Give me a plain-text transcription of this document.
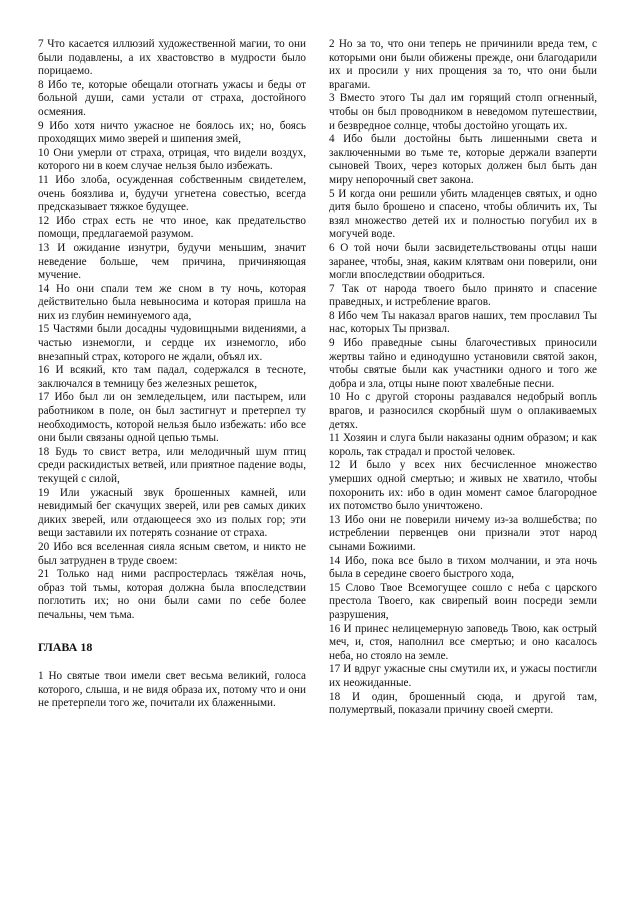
7 Что касается иллюзий художественной магии, то они были подавлены, а их хвастовство в мудрости было порицаемо.

8 Ибо те, которые обещали отогнать ужасы и беды от больной души, сами устали от страха, достойного осмеяния.

9 Ибо хотя ничто ужасное не боялось их; но, боясь проходящих мимо зверей и шипения змей,

10 Они умерли от страха, отрицая, что видели воздух, которого ни в коем случае нельзя было избежать.

11 Ибо злоба, осужденная собственным свидетелем, очень боязлива и, будучи угнетена совестью, всегда предсказывает тяжкое будущее.

12 Ибо страх есть не что иное, как предательство помощи, предлагаемой разумом.

13 И ожидание изнутри, будучи меньшим, значит неведение больше, чем причина, причиняющая мучение.

14 Но они спали тем же сном в ту ночь, которая действительно была невыносима и которая пришла на них из глубин неминуемого ада,

15 Частями были досадны чудовищными видениями, а частью изнемогли, и сердце их изнемогло, ибо внезапный страх, которого не ждали, объял их.

16 И всякий, кто там падал, содержался в тесноте, заключался в темницу без железных решеток,

17 Ибо был ли он земледельцем, или пастырем, или работником в поле, он был застигнут и претерпел ту необходимость, которой нельзя было избежать: ибо все они были связаны одной цепью тьмы.

18 Будь то свист ветра, или мелодичный шум птиц среди раскидистых ветвей, или приятное падение воды, текущей с силой,

19 Или ужасный звук брошенных камней, или невидимый бег скачущих зверей, или рев самых диких диких зверей, или отдающееся эхо из полых гор; эти вещи заставили их потерять сознание от страха.

20 Ибо вся вселенная сияла ясным светом, и никто не был затруднен в труде своем:

21 Только над ними распростерлась тяжёлая ночь, образ той тьмы, которая должна была впоследствии поглотить их; но они были сами по себе более печальны, чем тьма.

ГЛАВА 18

1 Но святые твои имели свет весьма великий, голоса которого, слыша, и не видя образа их, потому что и они не претерпели того же, почитали их блаженными.

2 Но за то, что они теперь не причинили вреда тем, с которыми они были обижены прежде, они благодарили их и просили у них прощения за то, что они были врагами.

3 Вместо этого Ты дал им горящий столп огненный, чтобы он был проводником в неведомом путешествии, и безвредное солнце, чтобы достойно угощать их.

4 Ибо были достойны быть лишенными света и заключенными во тьме те, которые держали взаперти сыновей Твоих, через которых должен был быть дан миру непорочный свет закона.

5 И когда они решили убить младенцев святых, и одно дитя было брошено и спасено, чтобы обличить их, Ты взял множество детей их и полностью погубил их в могучей воде.

6 О той ночи были засвидетельствованы отцы наши заранее, чтобы, зная, каким клятвам они поверили, они могли впоследствии ободриться.

7 Так от народа твоего было принято и спасение праведных, и истребление врагов.

8 Ибо чем Ты наказал врагов наших, тем прославил Ты нас, которых Ты призвал.

9 Ибо праведные сыны благочестивых приносили жертвы тайно и единодушно установили святой закон, чтобы святые были как участники одного и того же добра и зла, отцы ныне поют хвалебные песни.

10 Но с другой стороны раздавался недобрый вопль врагов, и разносился скорбный шум о оплакиваемых детях.

11 Хозяин и слуга были наказаны одним образом; и как король, так страдал и простой человек.

12 И было у всех них бесчисленное множество умерших одной смертью; и живых не хватило, чтобы похоронить их: ибо в один момент самое благородное их потомство было уничтожено.

13 Ибо они не поверили ничему из-за волшебства; по истреблении первенцев они признали этот народ сынами Божиими.

14 Ибо, пока все было в тихом молчании, и эта ночь была в середине своего быстрого хода,

15 Слово Твое Всемогущее сошло с неба с царского престола Твоего, как свирепый воин посреди земли разрушения,

16 И принес нелицемерную заповедь Твою, как острый меч, и, стоя, наполнил все смертью; и оно касалось неба, но стояло на земле.

17 И вдруг ужасные сны смутили их, и ужасы постигли их неожиданные.

18 И один, брошенный сюда, и другой там, полумертвый, показали причину своей смерти.
